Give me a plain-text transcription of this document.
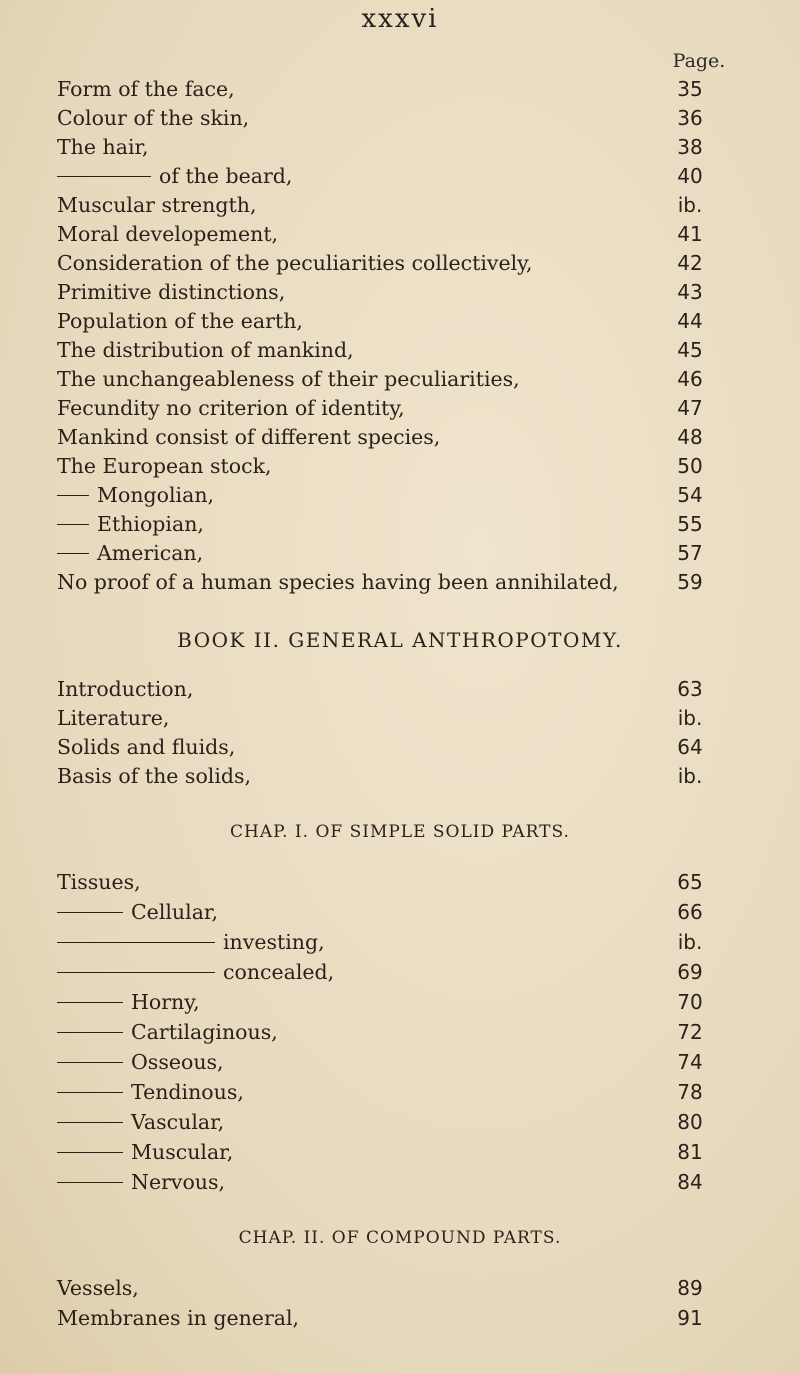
xxxvi
Page.
Form of the face,	35
Colour of the skin,	36
The hair,	38
of the beard,	40
Muscular strength,	ib.
Moral developement,	41
Consideration of the peculiarities collectively,	42
Primitive distinctions,	43
Population of the earth,	44
The distribution of mankind,	45
The unchangeableness of their peculiarities,	46
Fecundity no criterion of identity,	47
Mankind consist of different species,	48
The European stock,	50
Mongolian,	54
Ethiopian,	55
American,	57
No proof of a human species having been annihilated,	59
BOOK II. GENERAL ANTHROPOTOMY.
Introduction,	63
Literature,	ib.
Solids and fluids,	64
Basis of the solids,	ib.
CHAP. I. OF SIMPLE SOLID PARTS.
Tissues,	65
Cellular,	66
investing,	ib.
concealed,	69
Horny,	70
Cartilaginous,	72
Osseous,	74
Tendinous,	78
Vascular,	80
Muscular,	81
Nervous,	84
CHAP. II. OF COMPOUND PARTS.
Vessels,	89
Membranes in general,	91
